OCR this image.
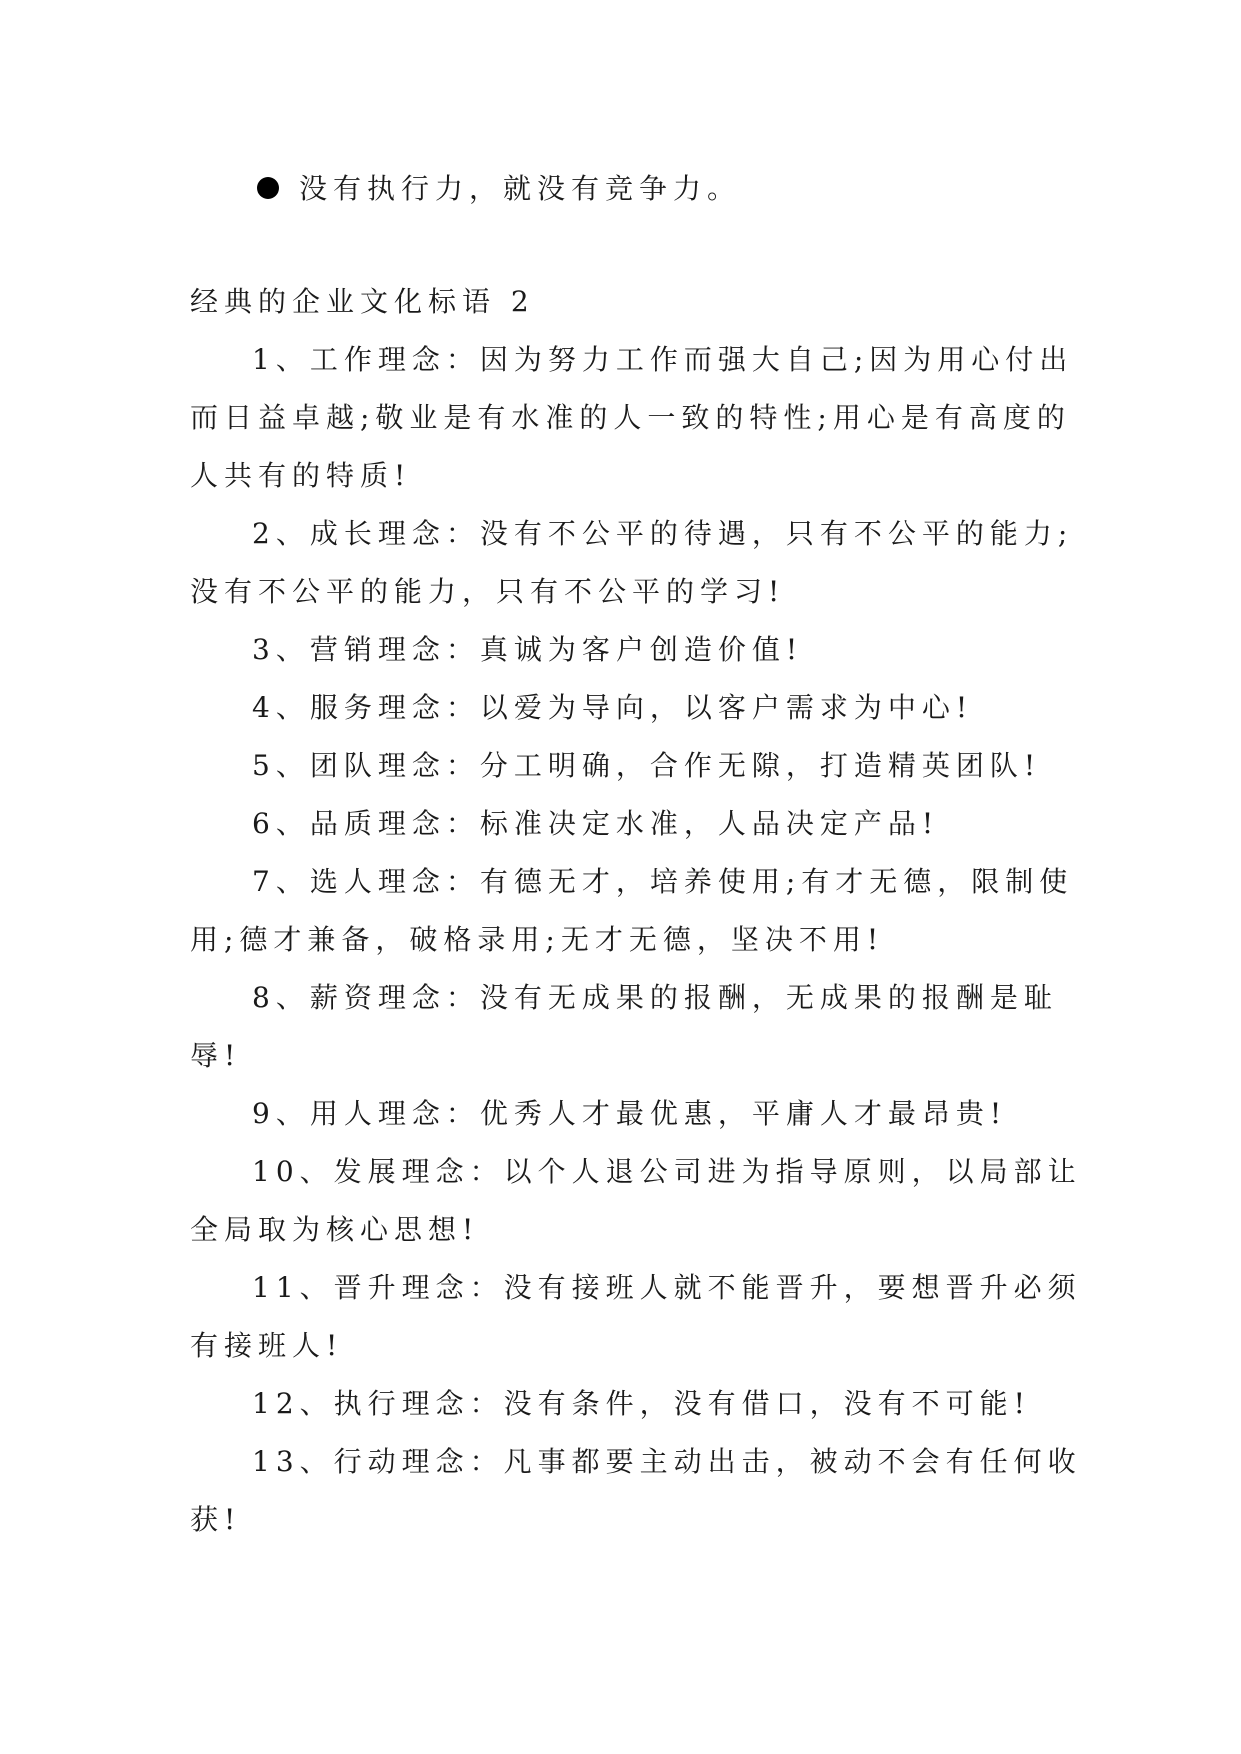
没有执行力，就没有竞争力。
经典的企业文化标语 2

1、工作理念：因为努力工作而强大自己;因为用心付出
而日益卓越;敬业是有水准的人一致的特性;用心是有高度的
人共有的特质!

2、成长理念：没有不公平的待遇，只有不公平的能力;
没有不公平的能力，只有不公平的学习!

3、营销理念：真诚为客户创造价值!

4、服务理念：以爱为导向，以客户需求为中心!

5、团队理念：分工明确，合作无隙，打造精英团队!

6、品质理念：标准决定水准，人品决定产品!

7、选人理念：有德无才，培养使用;有才无德，限制使
用;德才兼备，破格录用;无才无德，坚决不用!

8、薪资理念：没有无成果的报酬，无成果的报酬是耻
辱!

9、用人理念：优秀人才最优惠，平庸人才最昂贵!

10、发展理念：以个人退公司进为指导原则，以局部让
全局取为核心思想!

11、晋升理念：没有接班人就不能晋升，要想晋升必须
有接班人!

12、执行理念：没有条件，没有借口，没有不可能!

13、行动理念：凡事都要主动出击，被动不会有任何收
获!
